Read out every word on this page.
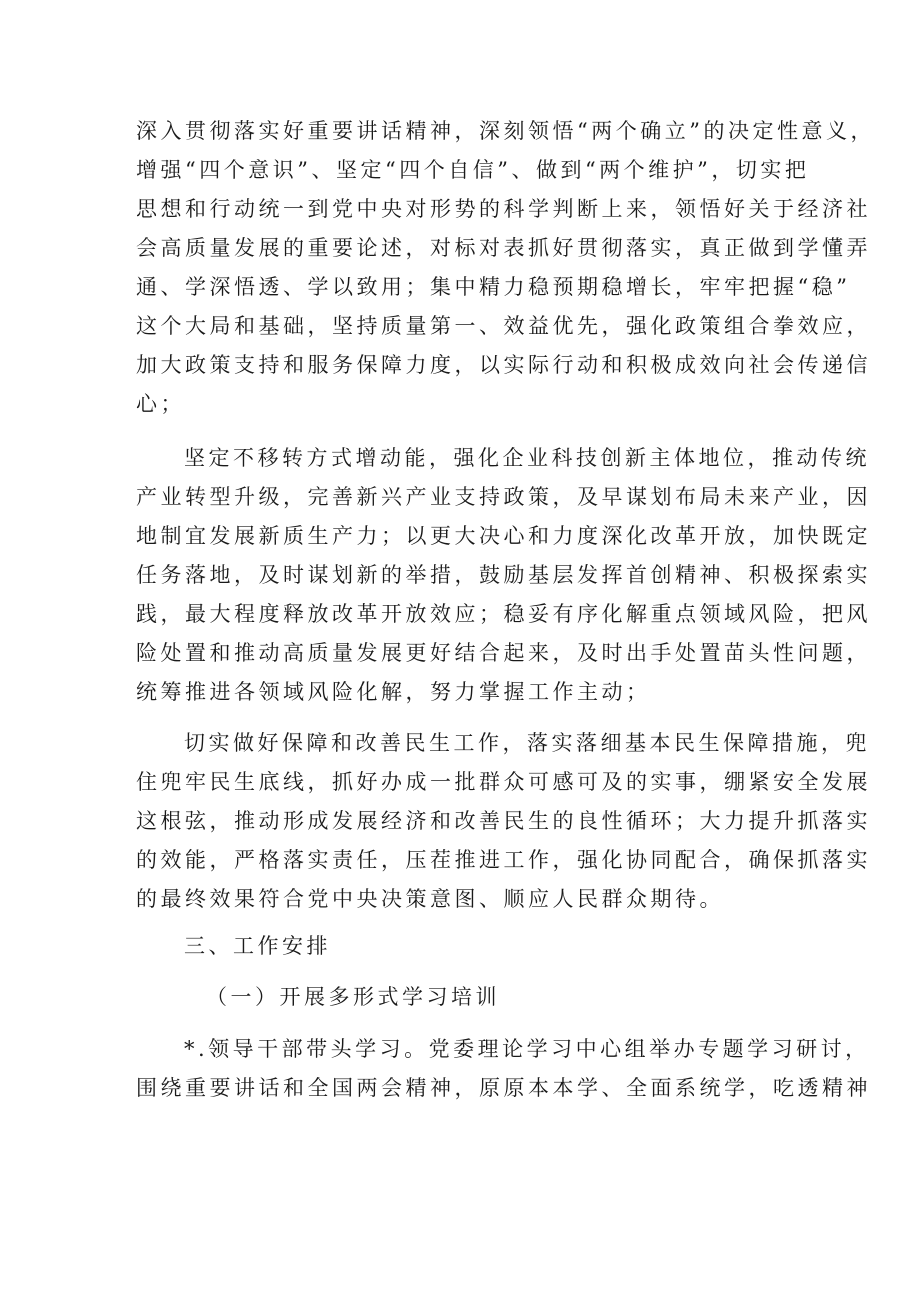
深入贯彻落实好重要讲话精神，深刻领悟“两个确立”的决定性意义，
增强“四个意识”、坚定“四个自信”、做到“两个维护”，切实把
思想和行动统一到党中央对形势的科学判断上来，领悟好关于经济社
会高质量发展的重要论述，对标对表抓好贯彻落实，真正做到学懂弄
通、学深悟透、学以致用；集中精力稳预期稳增长，牢牢把握“稳”
这个大局和基础，坚持质量第一、效益优先，强化政策组合拳效应，
加大政策支持和服务保障力度，以实际行动和积极成效向社会传递信
心；
坚定不移转方式增动能，强化企业科技创新主体地位，推动传统
产业转型升级，完善新兴产业支持政策，及早谋划布局未来产业，因
地制宜发展新质生产力；以更大决心和力度深化改革开放，加快既定
任务落地，及时谋划新的举措，鼓励基层发挥首创精神、积极探索实
践，最大程度释放改革开放效应；稳妥有序化解重点领域风险，把风
险处置和推动高质量发展更好结合起来，及时出手处置苗头性问题，
统筹推进各领域风险化解，努力掌握工作主动；
切实做好保障和改善民生工作，落实落细基本民生保障措施，兜
住兜牢民生底线，抓好办成一批群众可感可及的实事，绷紧安全发展
这根弦，推动形成发展经济和改善民生的良性循环；大力提升抓落实
的效能，严格落实责任，压茬推进工作，强化协同配合，确保抓落实
的最终效果符合党中央决策意图、顺应人民群众期待。
三、工作安排
（一）开展多形式学习培训
*.领导干部带头学习。党委理论学习中心组举办专题学习研讨，
围绕重要讲话和全国两会精神，原原本本学、全面系统学，吃透精神
